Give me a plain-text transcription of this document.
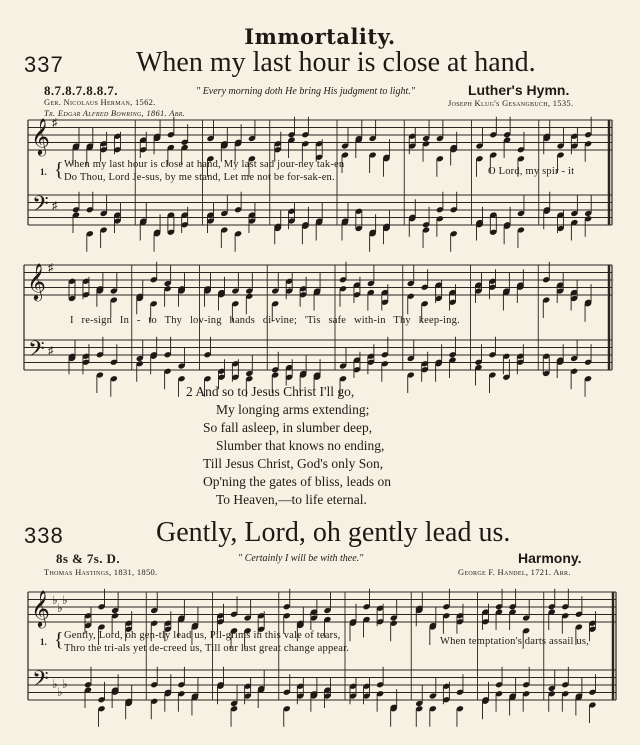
Immortality.
337	When my last hour is close at hand.
8.7.8.7.8.8.7.	" Every morning doth He bring His judgment to light."	Luther's Hymn.
Ger. Nicolaus Herman, 1562.
Tr. Edgar Alfred Bowring, 1861. Abr.
Joseph Klug's Gesangbuch, 1535.
𝄞
𝄢
♯
♯
𝄞
𝄢
♯
♯
1. { When my last hour is close at hand, My last sad jour-ney tak-en
Do Thou, Lord Je-sus, by me stand, Let me not be for-sak-en.
O Lord, my spir - it
I re-sign In - to Thy lov-ing hands di-vine; 'Tis safe with-in Thy keep-ing.
2 And so to Jesus Christ I'll go,
My longing arms extending;
So fall asleep, in slumber deep,
Slumber that knows no ending,
Till Jesus Christ, God's only Son,
Op'ning the gates of bliss, leads on
To Heaven,—to life eternal.
338	Gently, Lord, oh gently lead us.
8s & 7s. D.	" Certainly I will be with thee."	Harmony.
Thomas Hastings, 1831, 1850.	George F. Handel, 1721. Arr.
𝄞
𝄢
♭
♭
♭
♭
♭
♭
1. { Gently, Lord, oh gen-tly lead us, Pil-grims in this vale of tears,
Thro the tri-als yet de-creed us, Till our last great change appear.
When temptation's darts assail us,
